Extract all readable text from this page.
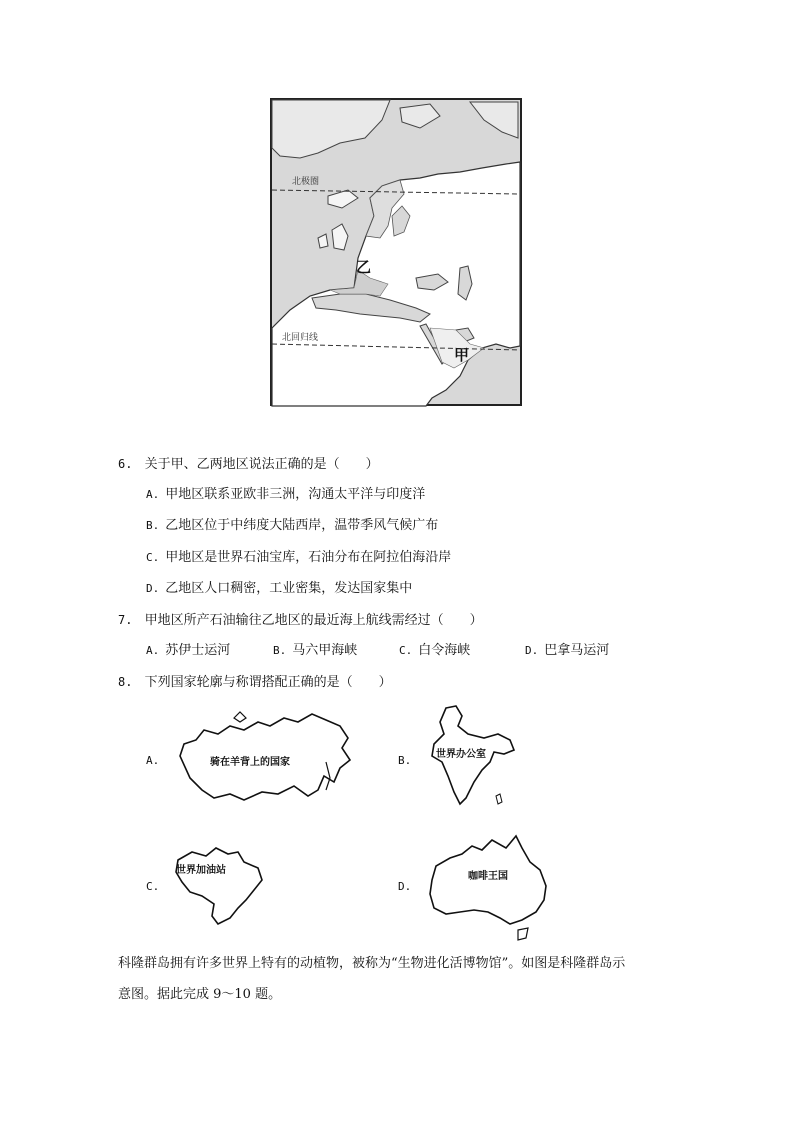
北极圈
北回归线
乙
甲
6. 关于甲、乙两地区说法正确的是（　　）
A. 甲地区联系亚欧非三洲，沟通太平洋与印度洋
B. 乙地区位于中纬度大陆西岸，温带季风气候广布
C. 甲地区是世界石油宝库，石油分布在阿拉伯海沿岸
D. 乙地区人口稠密，工业密集，发达国家集中
7. 甲地区所产石油输往乙地区的最近海上航线需经过（　　）
A. 苏伊士运河	B. 马六甲海峡	C. 白令海峡	D. 巴拿马运河
8. 下列国家轮廓与称谓搭配正确的是（　　）
A.	骑在羊背上的国家	B. 世界办公室
C.
世界加油站
D.
咖啡王国
科隆群岛拥有许多世界上特有的动植物，被称为“生物进化活博物馆”。如图是科隆群岛示
意图。据此完成 9～10 题。
